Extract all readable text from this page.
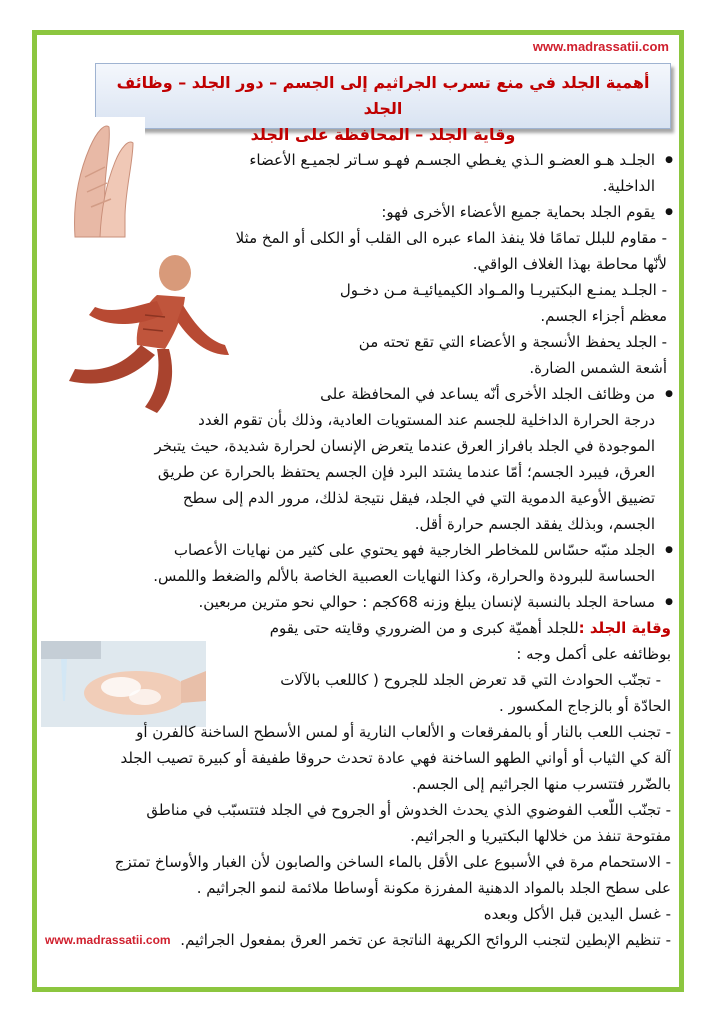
www.madrassatii.com
أهمية الجلد في منع تسرب الجراثيم إلى الجسم – دور الجلد – وظائف الجلد
وقاية الجلد – المحافظة على الجلد
● الجلـد هـو العضـو الـذي يغـطي الجسـم فهـو سـاتر لجميـع الأعضاء
الداخلية.
● يقوم الجلد بحماية جميع الأعضاء الأخرى فهو:
- مقاوم للبلل تمامًا فلا ينفذ الماء عبره الى القلب أو الكلى أو المخ مثلا
لأنّها محاطة بهذا الغلاف الواقي.
- الجلـد يمنـع البكتيريـا والمـواد الكيميائيـة مـن دخـول
معظم أجزاء الجسم.
- الجلد يحفظ الأنسجة و الأعضاء التي تقع تحته من
أشعة الشمس الضارة.
● من وظائف الجلد الأخرى أنّه يساعد في المحافظة على
درجة الحرارة الداخلية للجسم عند المستويات العادية، وذلك بأن تقوم الغدد
الموجودة في الجلد بافراز العرق عندما يتعرض الإنسان لحرارة شديدة، حيث يتبخر
العرق، فيبرد الجسم؛ أمّا عندما يشتد البرد فإن الجسم يحتفظ بالحرارة عن طريق
تضييق الأوعية الدموية التي في الجلد، فيقل نتيجة لذلك، مرور الدم إلى سطح
الجسم، وبذلك يفقد الجسم حرارة أقل.
● الجلد منبّه حسّاس للمخاطر الخارجية فهو يحتوي على كثير من نهايات الأعصاب
الحساسة للبرودة والحرارة، وكذا النهايات العصبية الخاصة بالألم والضغط واللمس.
● مساحة الجلد بالنسبة لإنسان يبلغ وزنه 68كجم : حوالي نحو مترين مربعين.
وقاية الجلد :للجلد أهميّة كبرى و من الضروري وقايته حتى يقوم
بوظائفه على أكمل وجه :
- تجنّب الحوادث التي قد تعرض الجلد للجروح ( كاللعب بالآلات
الحادّة أو بالزجاج المكسور .
- تجنب اللعب بالنار أو بالمفرقعات و الألعاب النارية أو لمس الأسطح الساخنة كالفرن أو
آلة كي الثياب أو أواني الطهو الساخنة فهي عادة تحدث حروقا طفيفة أو كبيرة تصيب الجلد
بالضّرر فتتسرب منها الجراثيم إلى الجسم.
- تجنّب اللّعب الفوضوي الذي يحدث الخدوش أو الجروح في الجلد فتتسبّب في مناطق
مفتوحة تنفذ من خلالها البكتيريا و الجراثيم.
- الاستحمام مرة في الأسبوع على الأقل بالماء الساخن والصابون لأن الغبار والأوساخ تمتزج
على سطح الجلد بالمواد الدهنية المفرزة مكونة أوساطا ملائمة لنمو الجراثيم .
- غسل اليدين قبل الأكل وبعده
- تنظيم الإبطين لتجنب الروائح الكريهة الناتجة عن تخمر العرق بمفعول الجراثيم.
www.madrassatii.com
